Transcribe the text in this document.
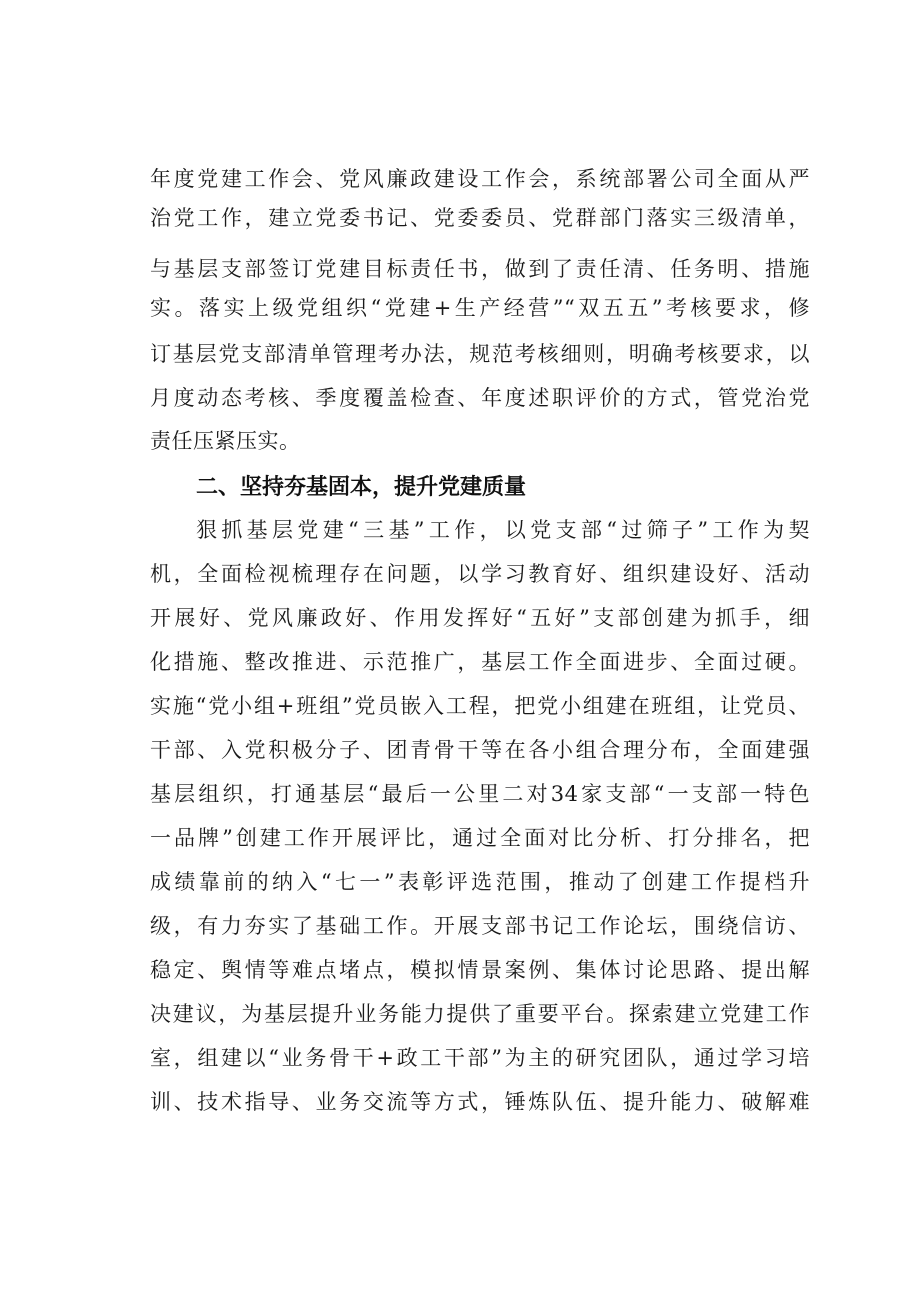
年度党建工作会、党风廉政建设工作会，系统部署公司全面从严
治党工作，建立党委书记、党委委员、党群部门落实三级清单，
与基层支部签订党建目标责任书，做到了责任清、任务明、措施
实。落实上级党组织“党建+生产经营”“双五五”考核要求，修
订基层党支部清单管理考办法，规范考核细则，明确考核要求，以
月度动态考核、季度覆盖检查、年度述职评价的方式，管党治党
责任压紧压实。
二、坚持夯基固本，提升党建质量
狠抓基层党建“三基”工作，以党支部“过筛子”工作为契
机，全面检视梳理存在问题，以学习教育好、组织建设好、活动
开展好、党风廉政好、作用发挥好“五好”支部创建为抓手，细
化措施、整改推进、示范推广，基层工作全面进步、全面过硬。
实施“党小组+班组”党员嵌入工程，把党小组建在班组，让党员、
干部、入党积极分子、团青骨干等在各小组合理分布，全面建强
基层组织，打通基层“最后一公里二对34家支部“一支部一特色
一品牌”创建工作开展评比，通过全面对比分析、打分排名，把
成绩靠前的纳入“七一”表彰评选范围，推动了创建工作提档升
级，有力夯实了基础工作。开展支部书记工作论坛，围绕信访、
稳定、舆情等难点堵点，模拟情景案例、集体讨论思路、提出解
决建议，为基层提升业务能力提供了重要平台。探索建立党建工作
室，组建以“业务骨干+政工干部”为主的研究团队，通过学习培
训、技术指导、业务交流等方式，锤炼队伍、提升能力、破解难
